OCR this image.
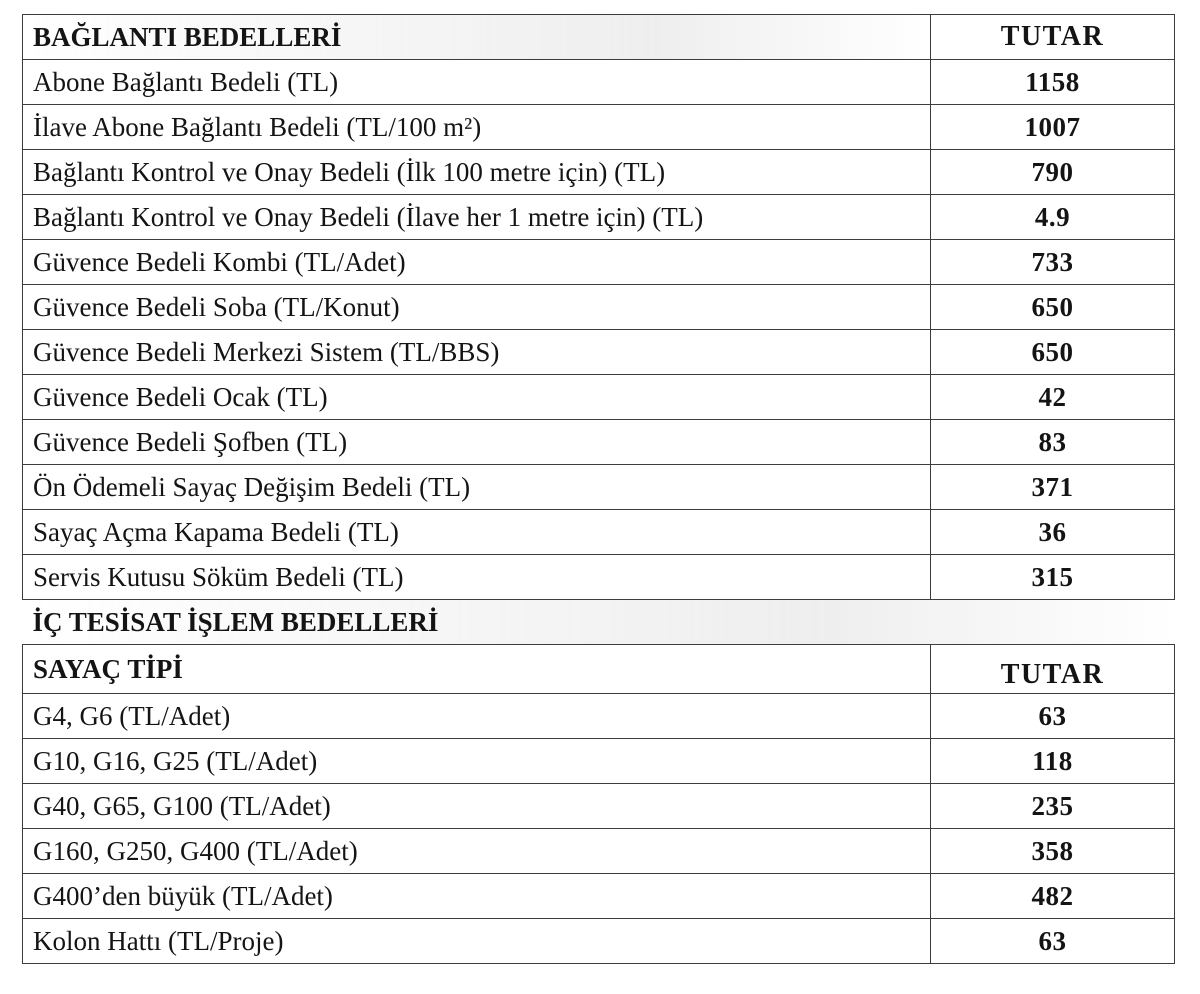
BAĞLANTI BEDELLERİ	TUTAR
Abone Bağlantı Bedeli (TL)	1158
İlave Abone Bağlantı Bedeli (TL/100 m²)	1007
Bağlantı Kontrol ve Onay Bedeli (İlk 100 metre için) (TL)	790
Bağlantı Kontrol ve Onay Bedeli (İlave her 1 metre için) (TL)	4.9
Güvence Bedeli Kombi (TL/Adet)	733
Güvence Bedeli Soba (TL/Konut)	650
Güvence Bedeli Merkezi Sistem (TL/BBS)	650
Güvence Bedeli Ocak (TL)	42
Güvence Bedeli Şofben (TL)	83
Ön Ödemeli Sayaç Değişim Bedeli (TL)	371
Sayaç Açma Kapama Bedeli (TL)	36
Servis Kutusu Söküm Bedeli (TL)	315
İÇ TESİSAT İŞLEM BEDELLERİ	
SAYAÇ TİPİ	TUTAR
G4, G6 (TL/Adet)	63
G10, G16, G25 (TL/Adet)	118
G40, G65, G100 (TL/Adet)	235
G160, G250, G400 (TL/Adet)	358
G400’den büyük (TL/Adet)	482
Kolon Hattı (TL/Proje)	63
